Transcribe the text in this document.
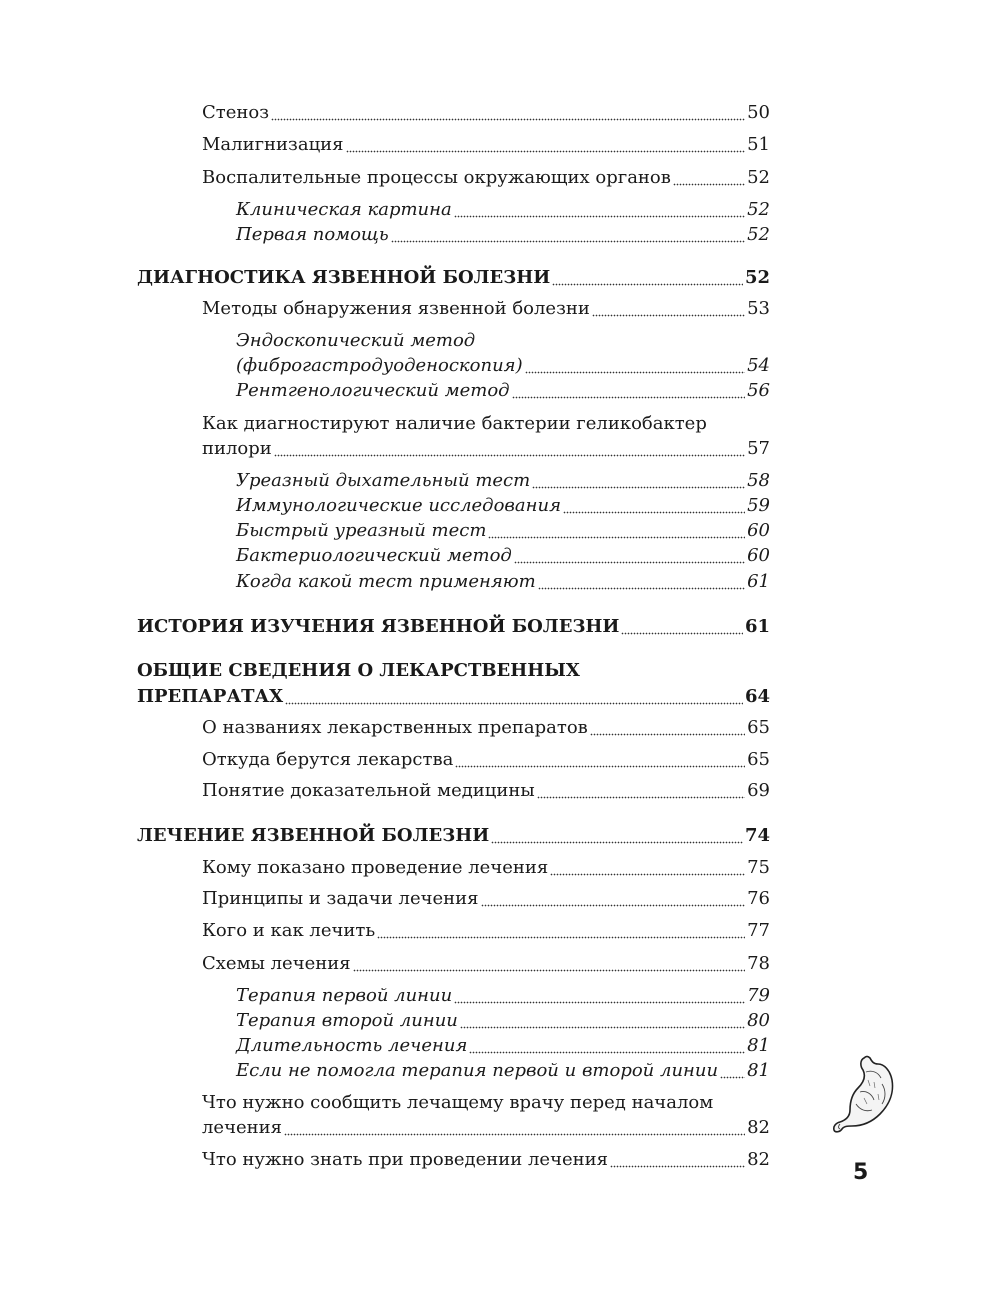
Стеноз	50
Малигнизация	51
Воспалительные процессы окружающих органов	52
Клиническая картина	52
Первая помощь	52
ДИАГНОСТИКА ЯЗВЕННОЙ БОЛЕЗНИ	52
Методы обнаружения язвенной болезни	53
Эндоскопический метод
(фиброгастродуоденоскопия)	54
Рентгенологический метод	56
Как диагностируют наличие бактерии геликобактер
пилори	57
Уреазный дыхательный тест	58
Иммунологические исследования	59
Быстрый уреазный тест	60
Бактериологический метод	60
Когда какой тест применяют	61
ИСТОРИЯ ИЗУЧЕНИЯ ЯЗВЕННОЙ БОЛЕЗНИ	61
ОБЩИЕ СВЕДЕНИЯ О ЛЕКАРСТВЕННЫХ
ПРЕПАРАТАХ	64
О названиях лекарственных препаратов	65
Откуда берутся лекарства	65
Понятие доказательной медицины	69
ЛЕЧЕНИЕ ЯЗВЕННОЙ БОЛЕЗНИ	74
Кому показано проведение лечения	75
Принципы и задачи лечения	76
Кого и как лечить	77
Схемы лечения	78
Терапия первой линии	79
Терапия второй линии	80
Длительность лечения	81
Если не помогла терапия первой и второй линии 81
Что нужно сообщить лечащему врачу перед началом
лечения	82
Что нужно знать при проведении лечения	82
5
